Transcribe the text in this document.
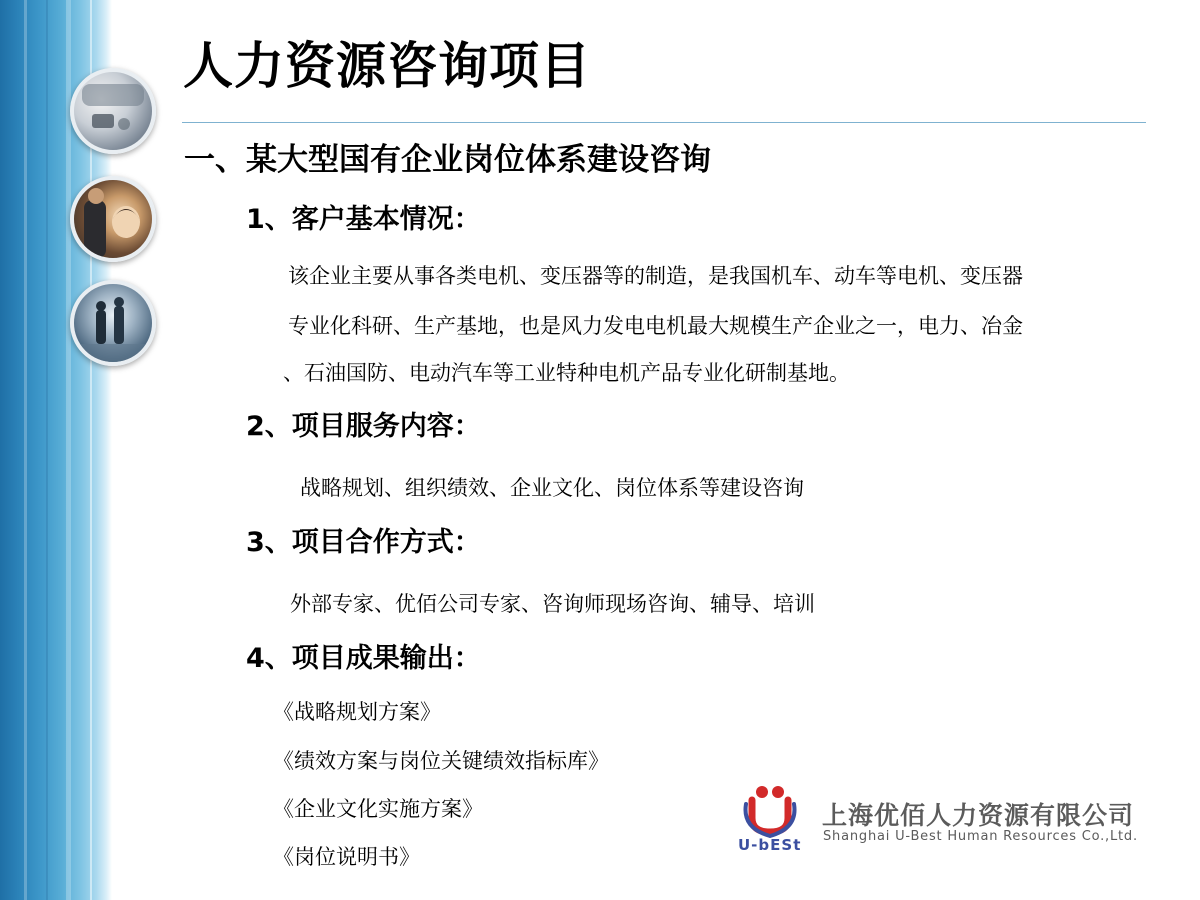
人力资源咨询项目
一、某大型国有企业岗位体系建设咨询
1、客户基本情况：

该企业主要从事各类电机、变压器等的制造，是我国机车、动车等电机、变压器

专业化科研、生产基地，也是风力发电电机最大规模生产企业之一，电力、冶金

、石油国防、电动汽车等工业特种电机产品专业化研制基地。

2、项目服务内容：

战略规划、组织绩效、企业文化、岗位体系等建设咨询

3、项目合作方式：

外部专家、优佰公司专家、咨询师现场咨询、辅导、培训

4、项目成果输出：

《战略规划方案》

《绩效方案与岗位关键绩效指标库》

《企业文化实施方案》

《岗位说明书》	U-bESt
上海优佰人力资源有限公司
Shanghai U-Best Human Resources Co.,Ltd.
